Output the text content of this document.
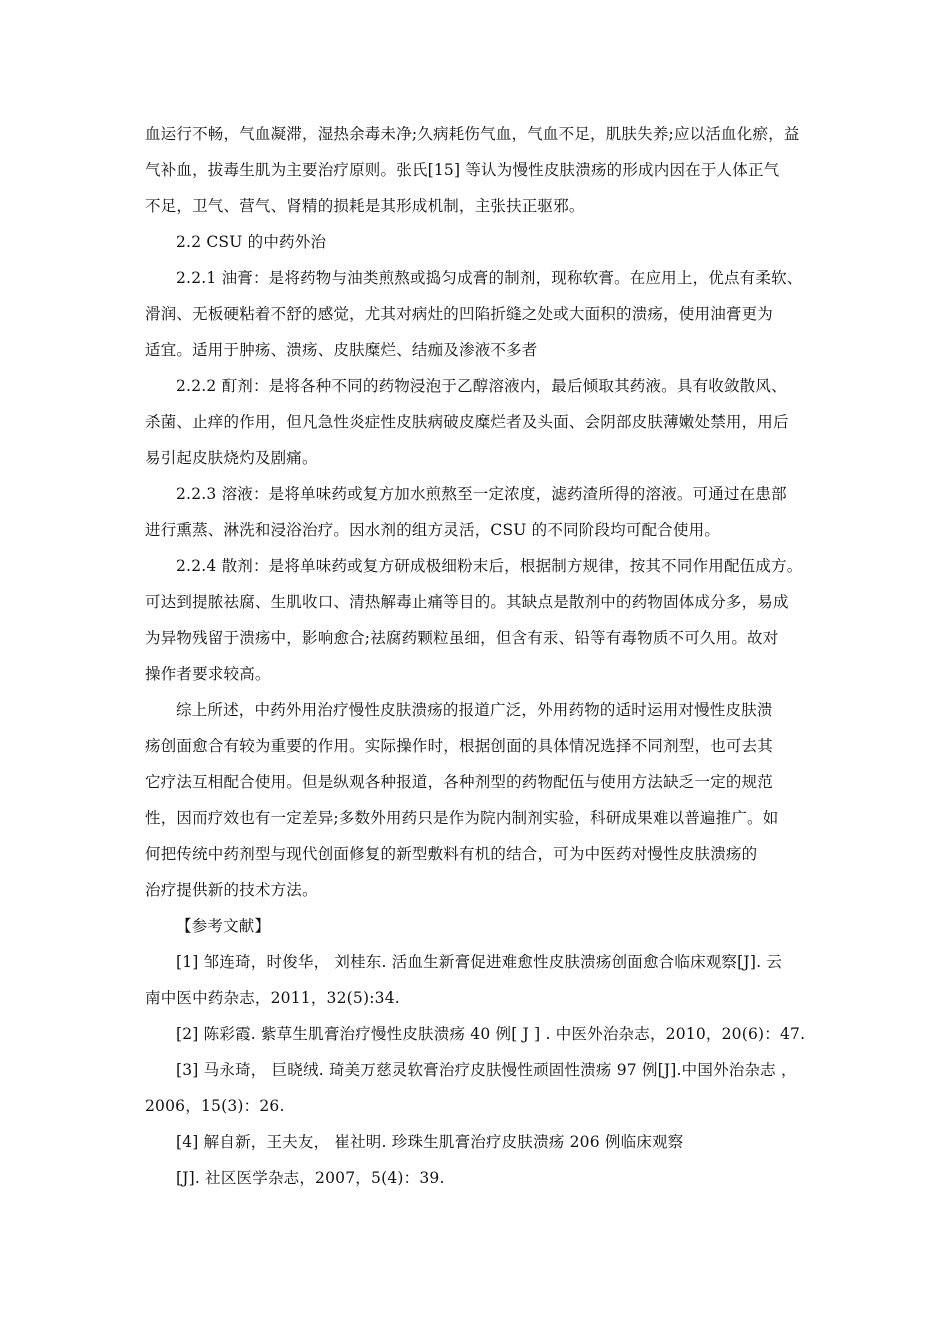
血运行不畅，气血凝滞，湿热余毒未净;久病耗伤气血，气血不足，肌肤失养;应以活血化瘀，益
气补血，拔毒生肌为主要治疗原则。张氏[15] 等认为慢性皮肤溃疡的形成内因在于人体正气
不足，卫气、营气、肾精的损耗是其形成机制，主张扶正驱邪。
2.2 CSU 的中药外治
2.2.1 油膏：是将药物与油类煎熬或捣匀成膏的制剂，现称软膏。在应用上，优点有柔软、
滑润、无板硬粘着不舒的感觉，尤其对病灶的凹陷折缝之处或大面积的溃疡，使用油膏更为
适宜。适用于肿疡、溃疡、皮肤糜烂、结痂及渗液不多者
2.2.2 酊剂：是将各种不同的药物浸泡于乙醇溶液内，最后倾取其药液。具有收敛散风、
杀菌、止痒的作用，但凡急性炎症性皮肤病破皮糜烂者及头面、会阴部皮肤薄嫩处禁用，用后
易引起皮肤烧灼及剧痛。
2.2.3 溶液：是将单味药或复方加水煎熬至一定浓度，滤药渣所得的溶液。可通过在患部
进行熏蒸、淋洗和浸浴治疗。因水剂的组方灵活，CSU 的不同阶段均可配合使用。
2.2.4 散剂：是将单味药或复方研成极细粉末后，根据制方规律，按其不同作用配伍成方。
可达到提脓祛腐、生肌收口、清热解毒止痛等目的。其缺点是散剂中的药物固体成分多，易成
为异物残留于溃疡中，影响愈合;祛腐药颗粒虽细，但含有汞、铅等有毒物质不可久用。故对
操作者要求较高。
综上所述，中药外用治疗慢性皮肤溃疡的报道广泛，外用药物的适时运用对慢性皮肤溃
疡创面愈合有较为重要的作用。实际操作时，根据创面的具体情况选择不同剂型，也可去其
它疗法互相配合使用。但是纵观各种报道，各种剂型的药物配伍与使用方法缺乏一定的规范
性，因而疗效也有一定差异;多数外用药只是作为院内制剂实验，科研成果难以普遍推广。如
何把传统中药剂型与现代创面修复的新型敷料有机的结合，可为中医药对慢性皮肤溃疡的
治疗提供新的技术方法。
【参考文献】
[1] 邹连琦，时俊华， 刘桂东. 活血生新膏促进难愈性皮肤溃疡创面愈合临床观察[J]. 云
南中医中药杂志，2011，32(5):34.
[2] 陈彩霞. 紫草生肌膏治疗慢性皮肤溃疡 40 例[ J ] . 中医外治杂志，2010，20(6)：47.
[3] 马永琦， 巨晓绒. 琦美万慈灵软膏治疗皮肤慢性顽固性溃疡 97 例[J].中国外治杂志 ，
2006，15(3)：26.
[4] 解自新，王夫友， 崔社明. 珍珠生肌膏治疗皮肤溃疡 206 例临床观察
[J]. 社区医学杂志，2007，5(4)：39.
